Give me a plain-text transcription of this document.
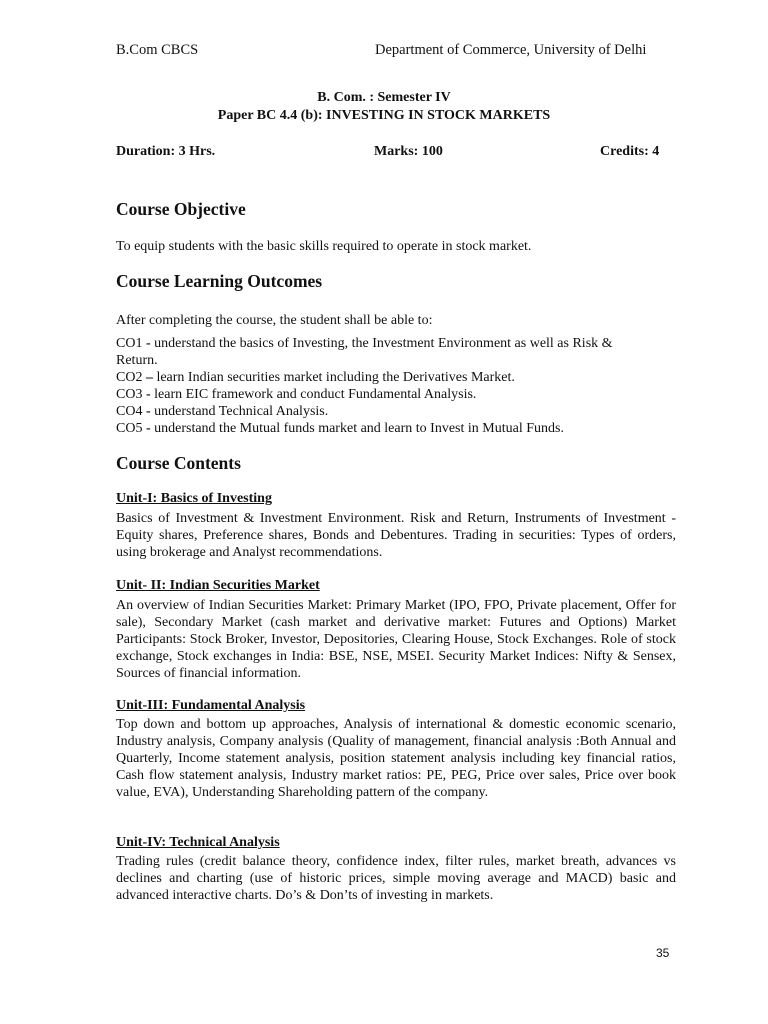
B.Com CBCS	Department of Commerce, University of Delhi
B. Com. : Semester IV
Paper BC 4.4 (b): INVESTING IN STOCK MARKETS
Duration: 3 Hrs.	Marks: 100	Credits: 4
Course Objective
To equip students with the basic skills required to operate in stock market.
Course Learning Outcomes
After completing the course, the student shall be able to:
CO1 - understand the basics of Investing, the Investment Environment as well as Risk &
Return.
CO2 – learn Indian securities market including the Derivatives Market.
CO3 - learn EIC framework and conduct Fundamental Analysis.
CO4 - understand Technical Analysis.
CO5 - understand the Mutual funds market and learn to Invest in Mutual Funds.
Course Contents
Unit-I: Basics of Investing
Basics of Investment & Investment Environment. Risk and Return, Instruments of Investment - Equity shares, Preference shares, Bonds and Debentures. Trading in securities: Types of orders, using brokerage and Analyst recommendations.
Unit- II: Indian Securities Market
An overview of Indian Securities Market: Primary Market (IPO, FPO, Private placement, Offer for sale), Secondary Market (cash market and derivative market: Futures and Options) Market Participants: Stock Broker, Investor, Depositories, Clearing House, Stock Exchanges. Role of stock exchange, Stock exchanges in India: BSE, NSE, MSEI. Security Market Indices: Nifty & Sensex, Sources of financial information.
Unit-III: Fundamental Analysis
Top down and bottom up approaches, Analysis of international & domestic economic scenario, Industry analysis, Company analysis (Quality of management, financial analysis :Both Annual and Quarterly, Income statement analysis, position statement analysis including key financial ratios, Cash flow statement analysis, Industry market ratios: PE, PEG, Price over sales, Price over book value, EVA), Understanding Shareholding pattern of the company.
Unit-IV: Technical Analysis
Trading rules (credit balance theory, confidence index, filter rules, market breath, advances vs declines and charting (use of historic prices, simple moving average and MACD) basic and advanced interactive charts. Do’s & Don’ts of investing in markets.
35
